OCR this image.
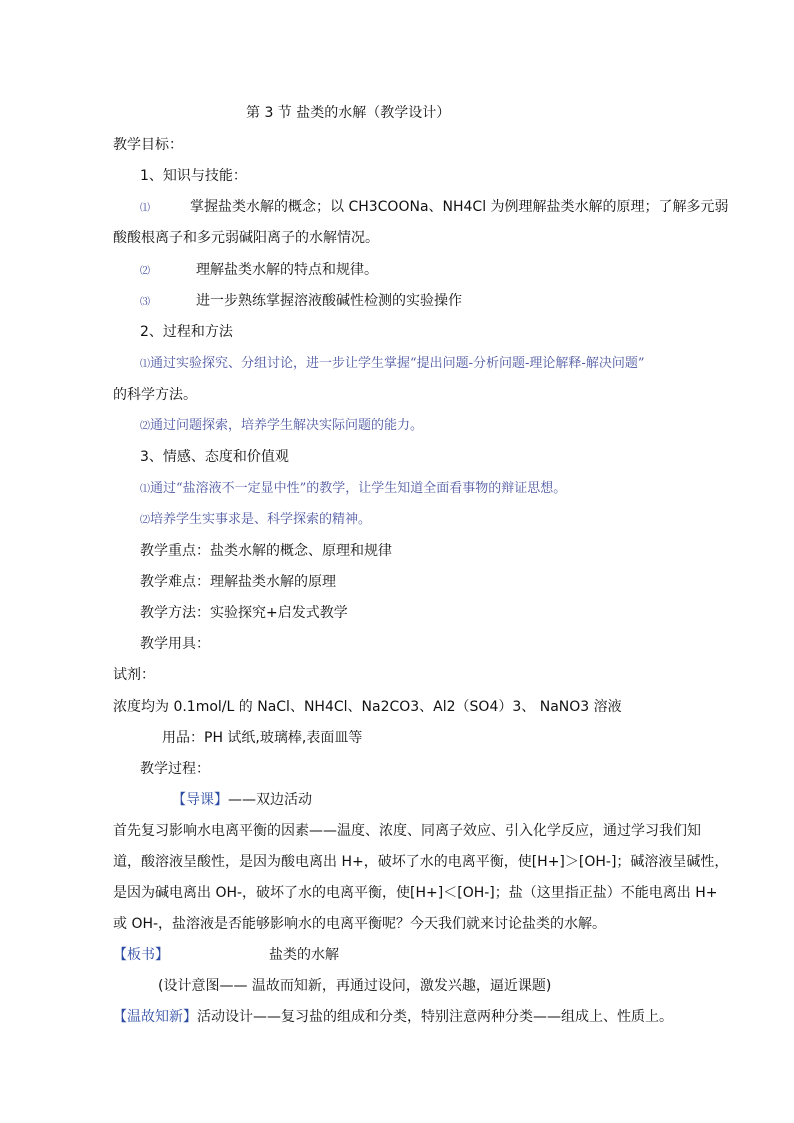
第 3 节 盐类的水解（教学设计）
教学目标：
1、知识与技能：
⑴	掌握盐类水解的概念；以 CH3COONa、NH4Cl 为例理解盐类水解的原理；了解多元弱
酸酸根离子和多元弱碱阳离子的水解情况。
⑵	理解盐类水解的特点和规律。
⑶	进一步熟练掌握溶液酸碱性检测的实验操作
2、过程和方法
⑴通过实验探究、分组讨论，进一步让学生掌握“提出问题-分析问题-理论解释-解决问题”
的科学方法。
⑵通过问题探索，培养学生解决实际问题的能力。
3、情感、态度和价值观
⑴通过“盐溶液不一定显中性”的教学，让学生知道全面看事物的辩证思想。
⑵培养学生实事求是、科学探索的精神。
教学重点：盐类水解的概念、原理和规律
教学难点：理解盐类水解的原理
教学方法：实验探究+启发式教学
教学用具：
试剂：
浓度均为 0.1mol/L 的 NaCl、NH4Cl、Na2CO3、Al2（SO4）3、 NaNO3 溶液
用品：PH 试纸,玻璃棒,表面皿等
教学过程：
【导课】——双边活动
首先复习影响水电离平衡的因素——温度、浓度、同离子效应、引入化学反应，通过学习我们知
道，酸溶液呈酸性，是因为酸电离出 H+，破坏了水的电离平衡，使[H+]＞[OH-]；碱溶液呈碱性，
是因为碱电离出 OH-，破坏了水的电离平衡，使[H+]＜[OH-]；盐（这里指正盐）不能电离出 H+
或 OH-，盐溶液是否能够影响水的电离平衡呢？今天我们就来讨论盐类的水解。
【板书】	盐类的水解
(设计意图—— 温故而知新，再通过设问，激发兴趣，逼近课题)
【温故知新】活动设计——复习盐的组成和分类，特别注意两种分类——组成上、性质上。
